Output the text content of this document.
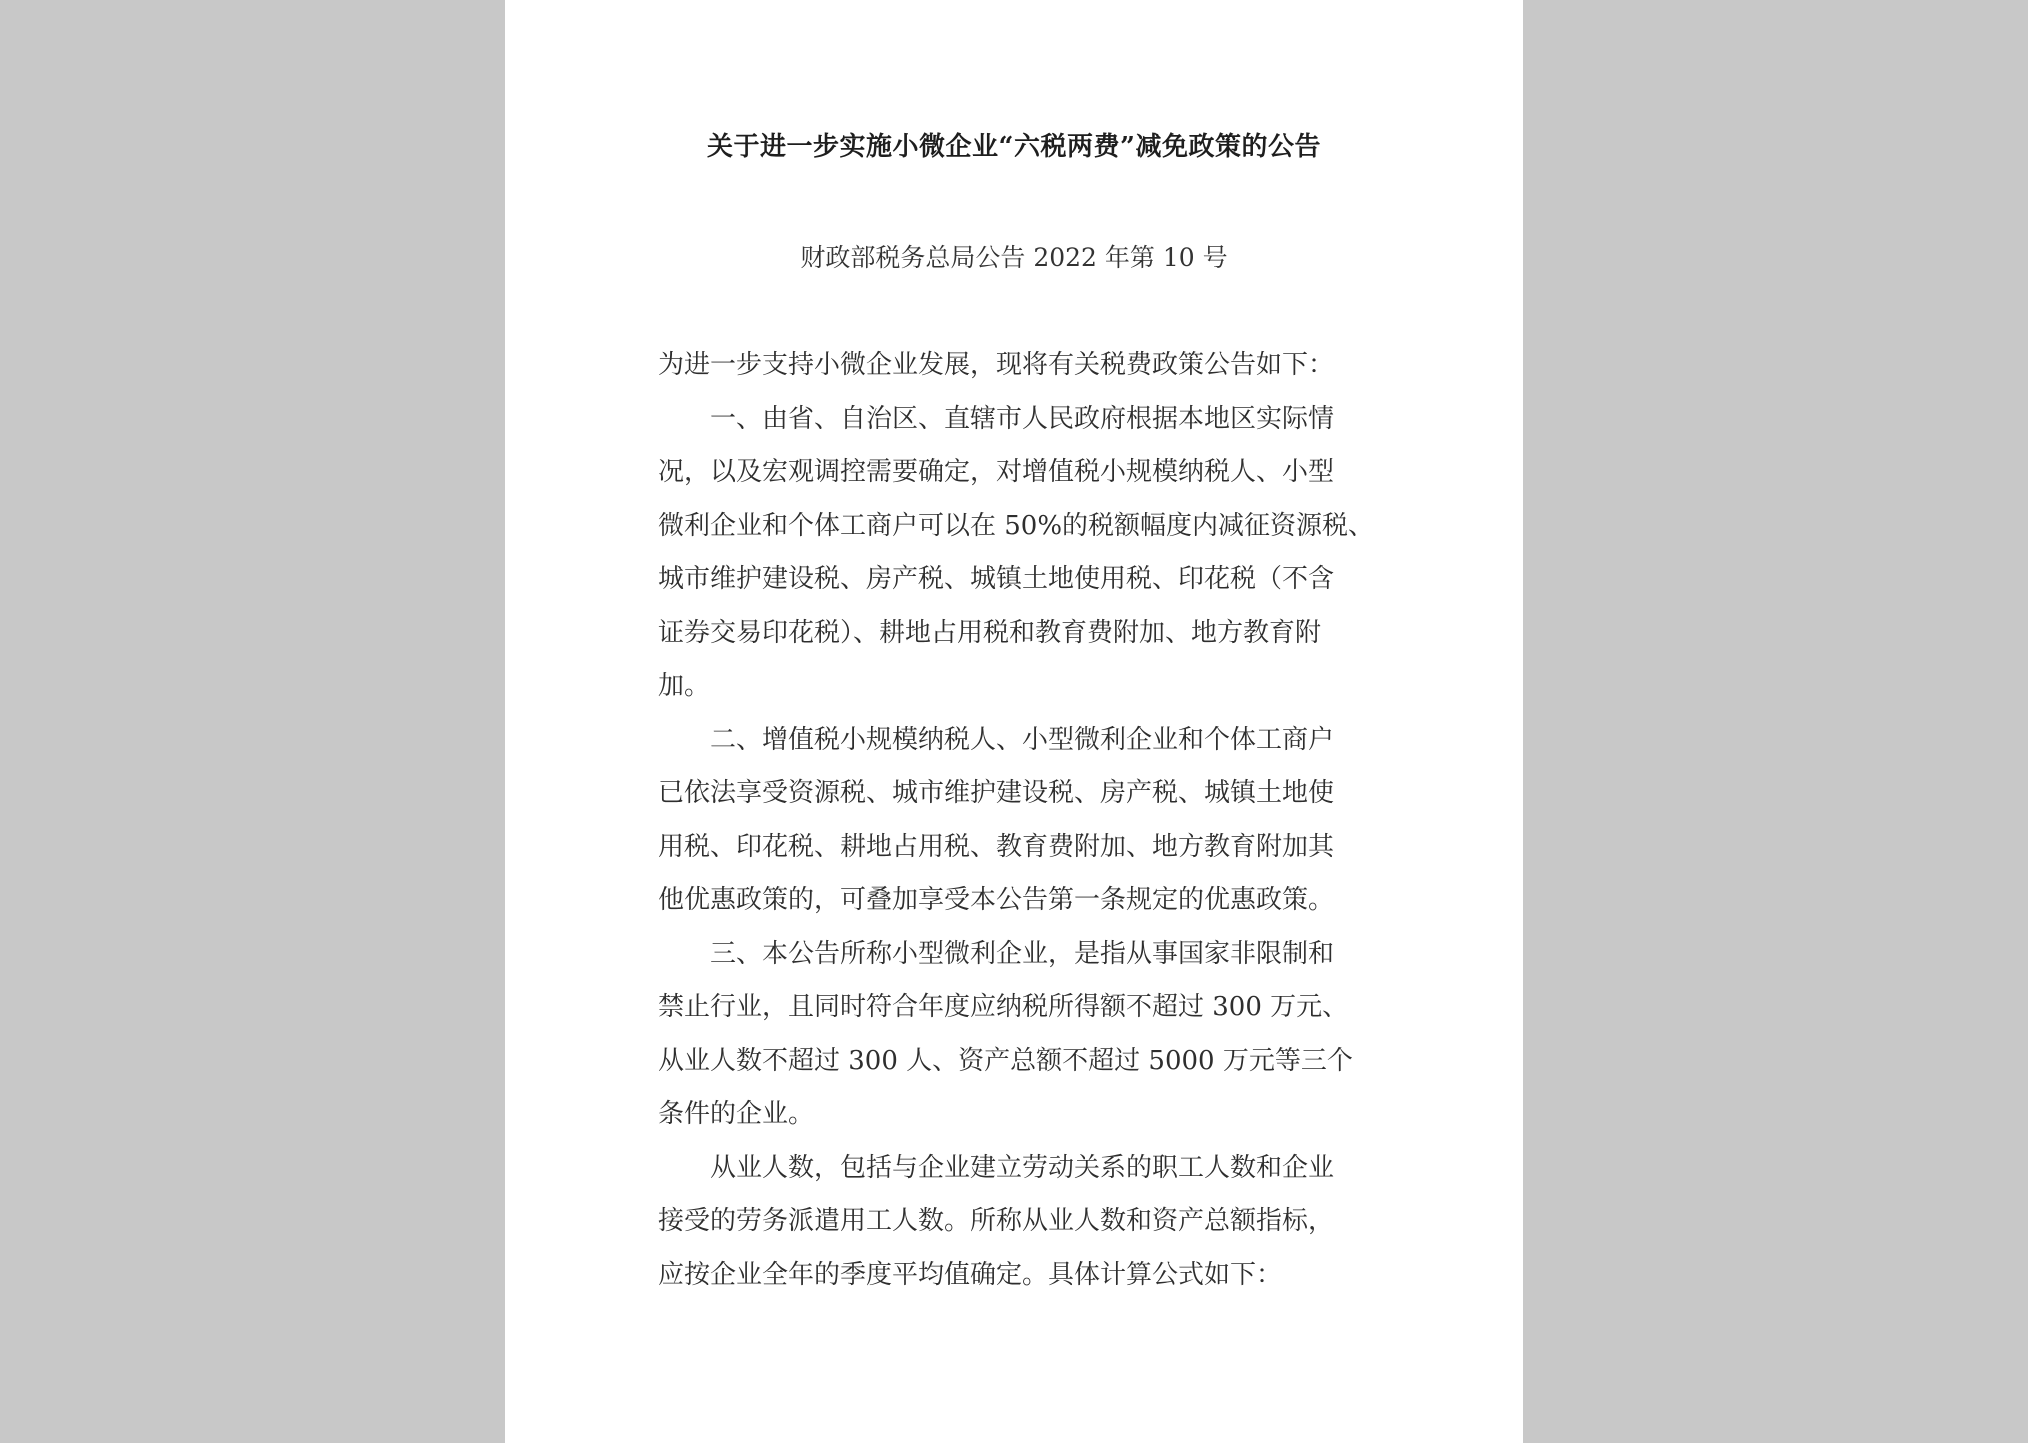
关于进一步实施小微企业“六税两费”减免政策的公告
财政部税务总局公告 2022 年第 10 号
为进一步支持小微企业发展，现将有关税费政策公告如下：
一、由省、自治区、直辖市人民政府根据本地区实际情
况，以及宏观调控需要确定，对增值税小规模纳税人、小型
微利企业和个体工商户可以在 50%的税额幅度内减征资源税、
城市维护建设税、房产税、城镇土地使用税、印花税（不含
证券交易印花税）、耕地占用税和教育费附加、地方教育附
加。
二、增值税小规模纳税人、小型微利企业和个体工商户
已依法享受资源税、城市维护建设税、房产税、城镇土地使
用税、印花税、耕地占用税、教育费附加、地方教育附加其
他优惠政策的，可叠加享受本公告第一条规定的优惠政策。
三、本公告所称小型微利企业，是指从事国家非限制和
禁止行业，且同时符合年度应纳税所得额不超过 300 万元、
从业人数不超过 300 人、资产总额不超过 5000 万元等三个
条件的企业。
从业人数，包括与企业建立劳动关系的职工人数和企业
接受的劳务派遣用工人数。所称从业人数和资产总额指标，
应按企业全年的季度平均值确定。具体计算公式如下：
